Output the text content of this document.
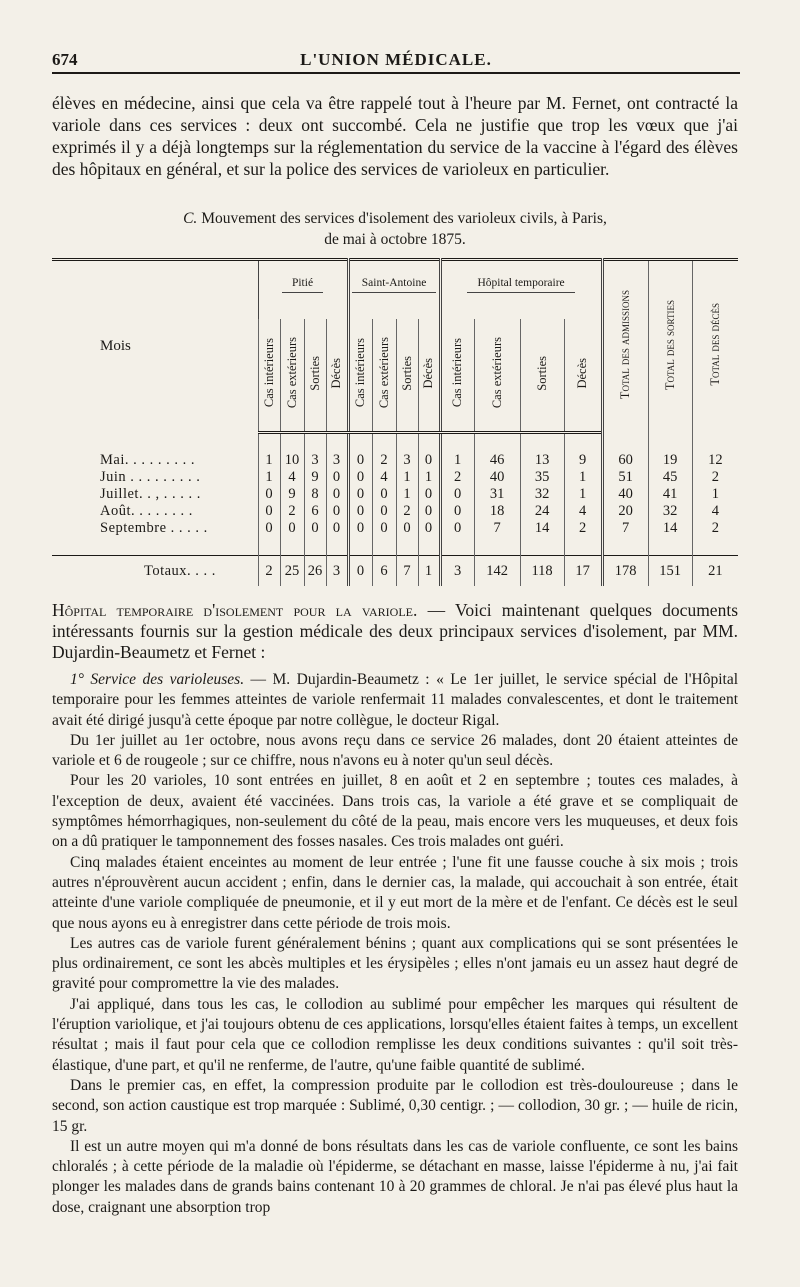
674	L'UNION MÉDICALE.

élèves en médecine, ainsi que cela va être rappelé tout à l'heure par M. Fernet, ont contracté la variole dans ces services : deux ont succombé. Cela ne justifie que trop les vœux que j'ai exprimés il y a déjà longtemps sur la réglementation du service de la vaccine à l'égard des élèves des hôpitaux en général, et sur la police des services de varioleux en particulier.

C. Mouvement des services d'isolement des varioleux civils, à Paris,
de mai à octobre 1875.
Mois	Pitié				Saint-Antoine				Hôpital temporaire				Total des admissions	Total des sorties	Total des décès
	Cas intérieurs	Cas extérieurs	Sorties	Décès	Cas intérieurs	Cas extérieurs	Sorties	Décès	Cas intérieurs	Cas extérieurs	Sorties	Décès			

Mai. . . . . . . . .	1	10	3	3	0	2	3	0	1	46	13	9	60	19	12
Juin . . . . . . . . .	1	4	9	0	0	4	1	1	2	40	35	1	51	45	2
Juillet. . , . . . . .	0	9	8	0	0	0	1	0	0	31	32	1	40	41	1
Août. . . . . . . .	0	2	6	0	0	0	2	0	0	18	24	4	20	32	4
Septembre . . . . .	0	0	0	0	0	0	0	0	0	7	14	2	7	14	2

Totaux. . . .	2	25	26	3	0	6	7	1	3	142	118	17	178	151	21

Hôpital temporaire d'isolement pour la variole. — Voici maintenant quelques documents intéressants fournis sur la gestion médicale des deux principaux services d'isolement, par MM. Dujardin-Beaumetz et Fernet :

1° Service des varioleuses. — M. Dujardin-Beaumetz : « Le 1er juillet, le service spécial de l'Hôpital temporaire pour les femmes atteintes de variole renfermait 11 malades convalescentes, et dont le traitement avait été dirigé jusqu'à cette époque par notre collègue, le docteur Rigal.

Du 1er juillet au 1er octobre, nous avons reçu dans ce service 26 malades, dont 20 étaient atteintes de variole et 6 de rougeole ; sur ce chiffre, nous n'avons eu à noter qu'un seul décès.

Pour les 20 varioles, 10 sont entrées en juillet, 8 en août et 2 en septembre ; toutes ces malades, à l'exception de deux, avaient été vaccinées. Dans trois cas, la variole a été grave et se compliquait de symptômes hémorrhagiques, non-seulement du côté de la peau, mais encore vers les muqueuses, et deux fois on a dû pratiquer le tamponnement des fosses nasales. Ces trois malades ont guéri.

Cinq malades étaient enceintes au moment de leur entrée ; l'une fit une fausse couche à six mois ; trois autres n'éprouvèrent aucun accident ; enfin, dans le dernier cas, la malade, qui accouchait à son entrée, était atteinte d'une variole compliquée de pneumonie, et il y eut mort de la mère et de l'enfant. Ce décès est le seul que nous ayons eu à enregistrer dans cette période de trois mois.

Les autres cas de variole furent généralement bénins ; quant aux complications qui se sont présentées le plus ordinairement, ce sont les abcès multiples et les érysipèles ; elles n'ont jamais eu un assez haut degré de gravité pour compromettre la vie des malades.

J'ai appliqué, dans tous les cas, le collodion au sublimé pour empêcher les marques qui résultent de l'éruption variolique, et j'ai toujours obtenu de ces applications, lorsqu'elles étaient faites à temps, un excellent résultat ; mais il faut pour cela que ce collodion remplisse les deux conditions suivantes : qu'il soit très-élastique, d'une part, et qu'il ne renferme, de l'autre, qu'une faible quantité de sublimé.

Dans le premier cas, en effet, la compression produite par le collodion est très-douloureuse ; dans le second, son action caustique est trop marquée : Sublimé, 0,30 centigr. ; — collodion, 30 gr. ; — huile de ricin, 15 gr.

Il est un autre moyen qui m'a donné de bons résultats dans les cas de variole confluente, ce sont les bains chloralés ; à cette période de la maladie où l'épiderme, se détachant en masse, laisse l'épiderme à nu, j'ai fait plonger les malades dans de grands bains contenant 10 à 20 grammes de chloral. Je n'ai pas élevé plus haut la dose, craignant une absorption trop
